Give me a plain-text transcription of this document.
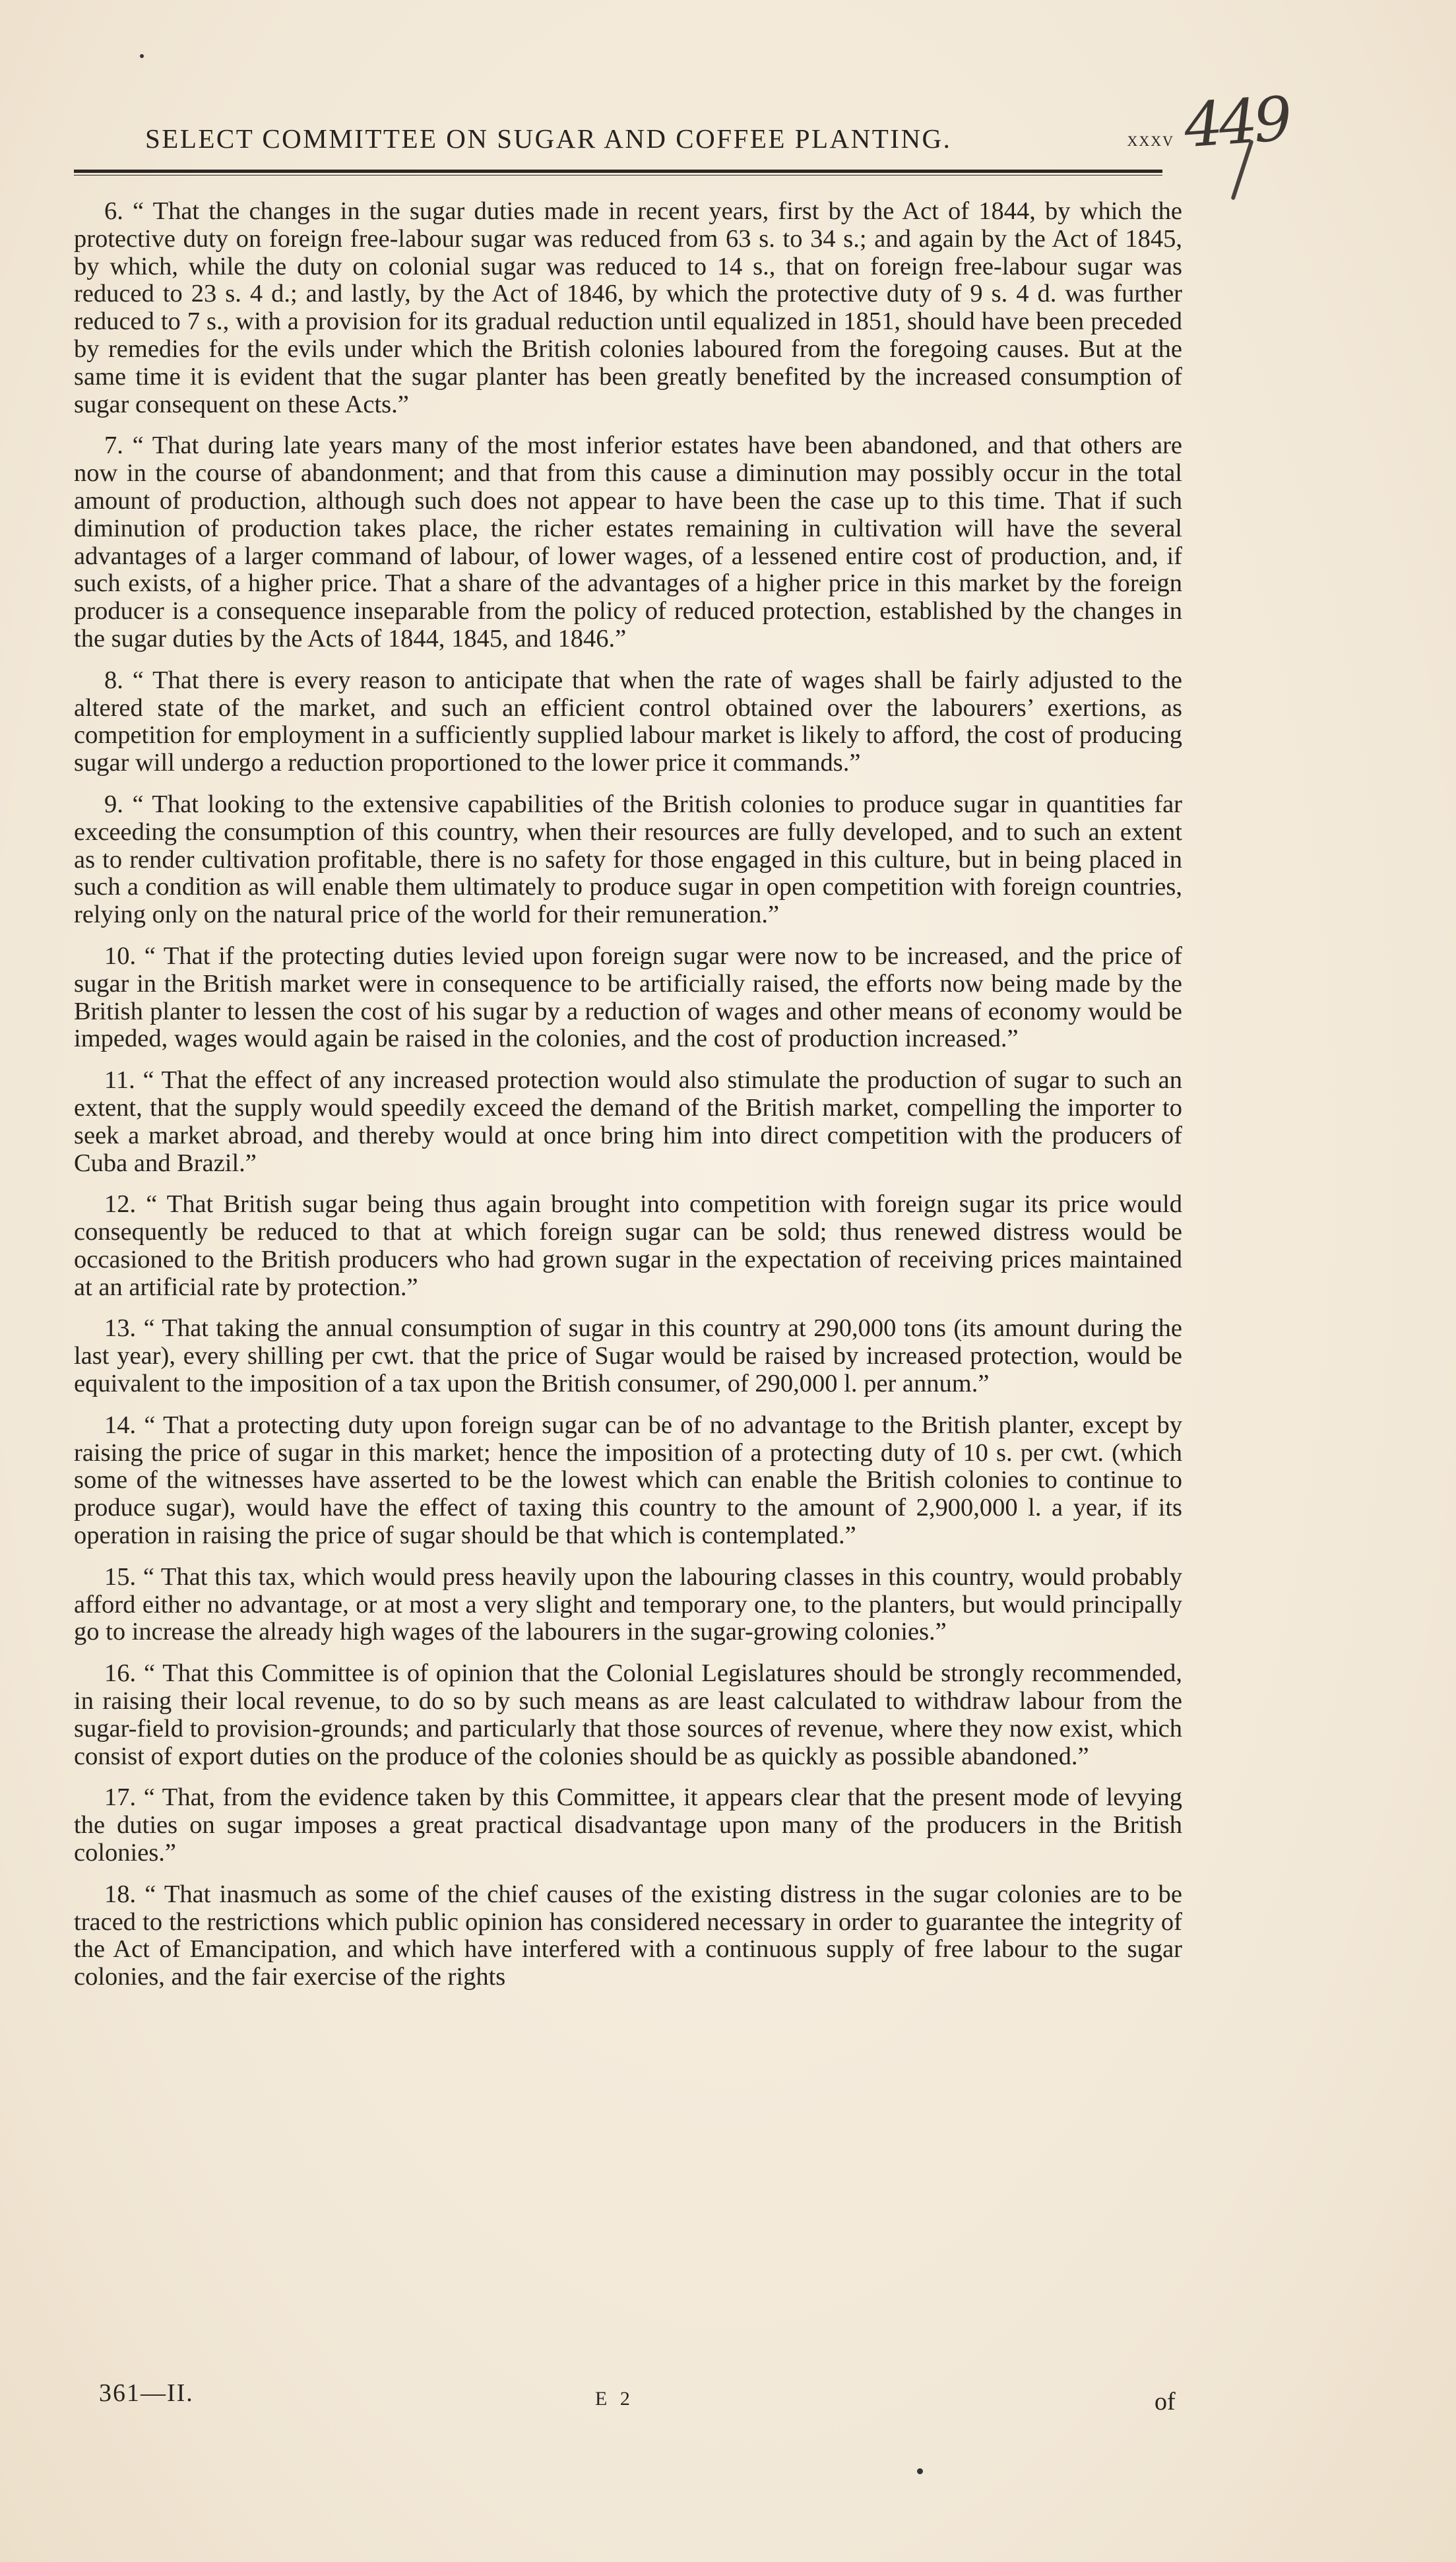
SELECT COMMITTEE ON SUGAR AND COFFEE PLANTING.	xxxv 449

6. “ That the changes in the sugar duties made in recent years, first by the Act of 1844, by which the protective duty on foreign free-labour sugar was reduced from 63 s. to 34 s.; and again by the Act of 1845, by which, while the duty on colonial sugar was reduced to 14 s., that on foreign free-labour sugar was reduced to 23 s. 4 d.; and lastly, by the Act of 1846, by which the protective duty of 9 s. 4 d. was further reduced to 7 s., with a provision for its gradual reduction until equalized in 1851, should have been preceded by remedies for the evils under which the British colonies laboured from the foregoing causes. But at the same time it is evident that the sugar planter has been greatly benefited by the increased consumption of sugar consequent on these Acts.”

7. “ That during late years many of the most inferior estates have been abandoned, and that others are now in the course of abandonment; and that from this cause a diminution may possibly occur in the total amount of production, although such does not appear to have been the case up to this time. That if such diminution of production takes place, the richer estates remaining in cultivation will have the several advantages of a larger command of labour, of lower wages, of a lessened entire cost of production, and, if such exists, of a higher price. That a share of the advantages of a higher price in this market by the foreign producer is a consequence inseparable from the policy of reduced protection, established by the changes in the sugar duties by the Acts of 1844, 1845, and 1846.”

8. “ That there is every reason to anticipate that when the rate of wages shall be fairly adjusted to the altered state of the market, and such an efficient control obtained over the labourers’ exertions, as competition for employment in a sufficiently supplied labour market is likely to afford, the cost of producing sugar will undergo a reduction proportioned to the lower price it commands.”

9. “ That looking to the extensive capabilities of the British colonies to produce sugar in quantities far exceeding the consumption of this country, when their resources are fully developed, and to such an extent as to render cultivation profitable, there is no safety for those engaged in this culture, but in being placed in such a condition as will enable them ultimately to produce sugar in open competition with foreign countries, relying only on the natural price of the world for their remuneration.”

10. “ That if the protecting duties levied upon foreign sugar were now to be increased, and the price of sugar in the British market were in consequence to be artificially raised, the efforts now being made by the British planter to lessen the cost of his sugar by a reduction of wages and other means of economy would be impeded, wages would again be raised in the colonies, and the cost of production increased.”

11. “ That the effect of any increased protection would also stimulate the production of sugar to such an extent, that the supply would speedily exceed the demand of the British market, compelling the importer to seek a market abroad, and thereby would at once bring him into direct competition with the producers of Cuba and Brazil.”

12. “ That British sugar being thus again brought into competition with foreign sugar its price would consequently be reduced to that at which foreign sugar can be sold; thus renewed distress would be occasioned to the British producers who had grown sugar in the expectation of receiving prices maintained at an artificial rate by protection.”

13. “ That taking the annual consumption of sugar in this country at 290,000 tons (its amount during the last year), every shilling per cwt. that the price of Sugar would be raised by increased protection, would be equivalent to the imposition of a tax upon the British consumer, of 290,000 l. per annum.”

14. “ That a protecting duty upon foreign sugar can be of no advantage to the British planter, except by raising the price of sugar in this market; hence the imposition of a protecting duty of 10 s. per cwt. (which some of the witnesses have asserted to be the lowest which can enable the British colonies to continue to produce sugar), would have the effect of taxing this country to the amount of 2,900,000 l. a year, if its operation in raising the price of sugar should be that which is contemplated.”

15. “ That this tax, which would press heavily upon the labouring classes in this country, would probably afford either no advantage, or at most a very slight and temporary one, to the planters, but would principally go to increase the already high wages of the labourers in the sugar-growing colonies.”

16. “ That this Committee is of opinion that the Colonial Legislatures should be strongly recommended, in raising their local revenue, to do so by such means as are least calculated to withdraw labour from the sugar-field to provision-grounds; and particularly that those sources of revenue, where they now exist, which consist of export duties on the produce of the colonies should be as quickly as possible abandoned.”

17. “ That, from the evidence taken by this Committee, it appears clear that the present mode of levying the duties on sugar imposes a great practical disadvantage upon many of the producers in the British colonies.”

18. “ That inasmuch as some of the chief causes of the existing distress in the sugar colonies are to be traced to the restrictions which public opinion has considered necessary in order to guarantee the integrity of the Act of Emancipation, and which have interfered with a continuous supply of free labour to the sugar colonies, and the fair exercise of the rights

361—II.	E 2	of
